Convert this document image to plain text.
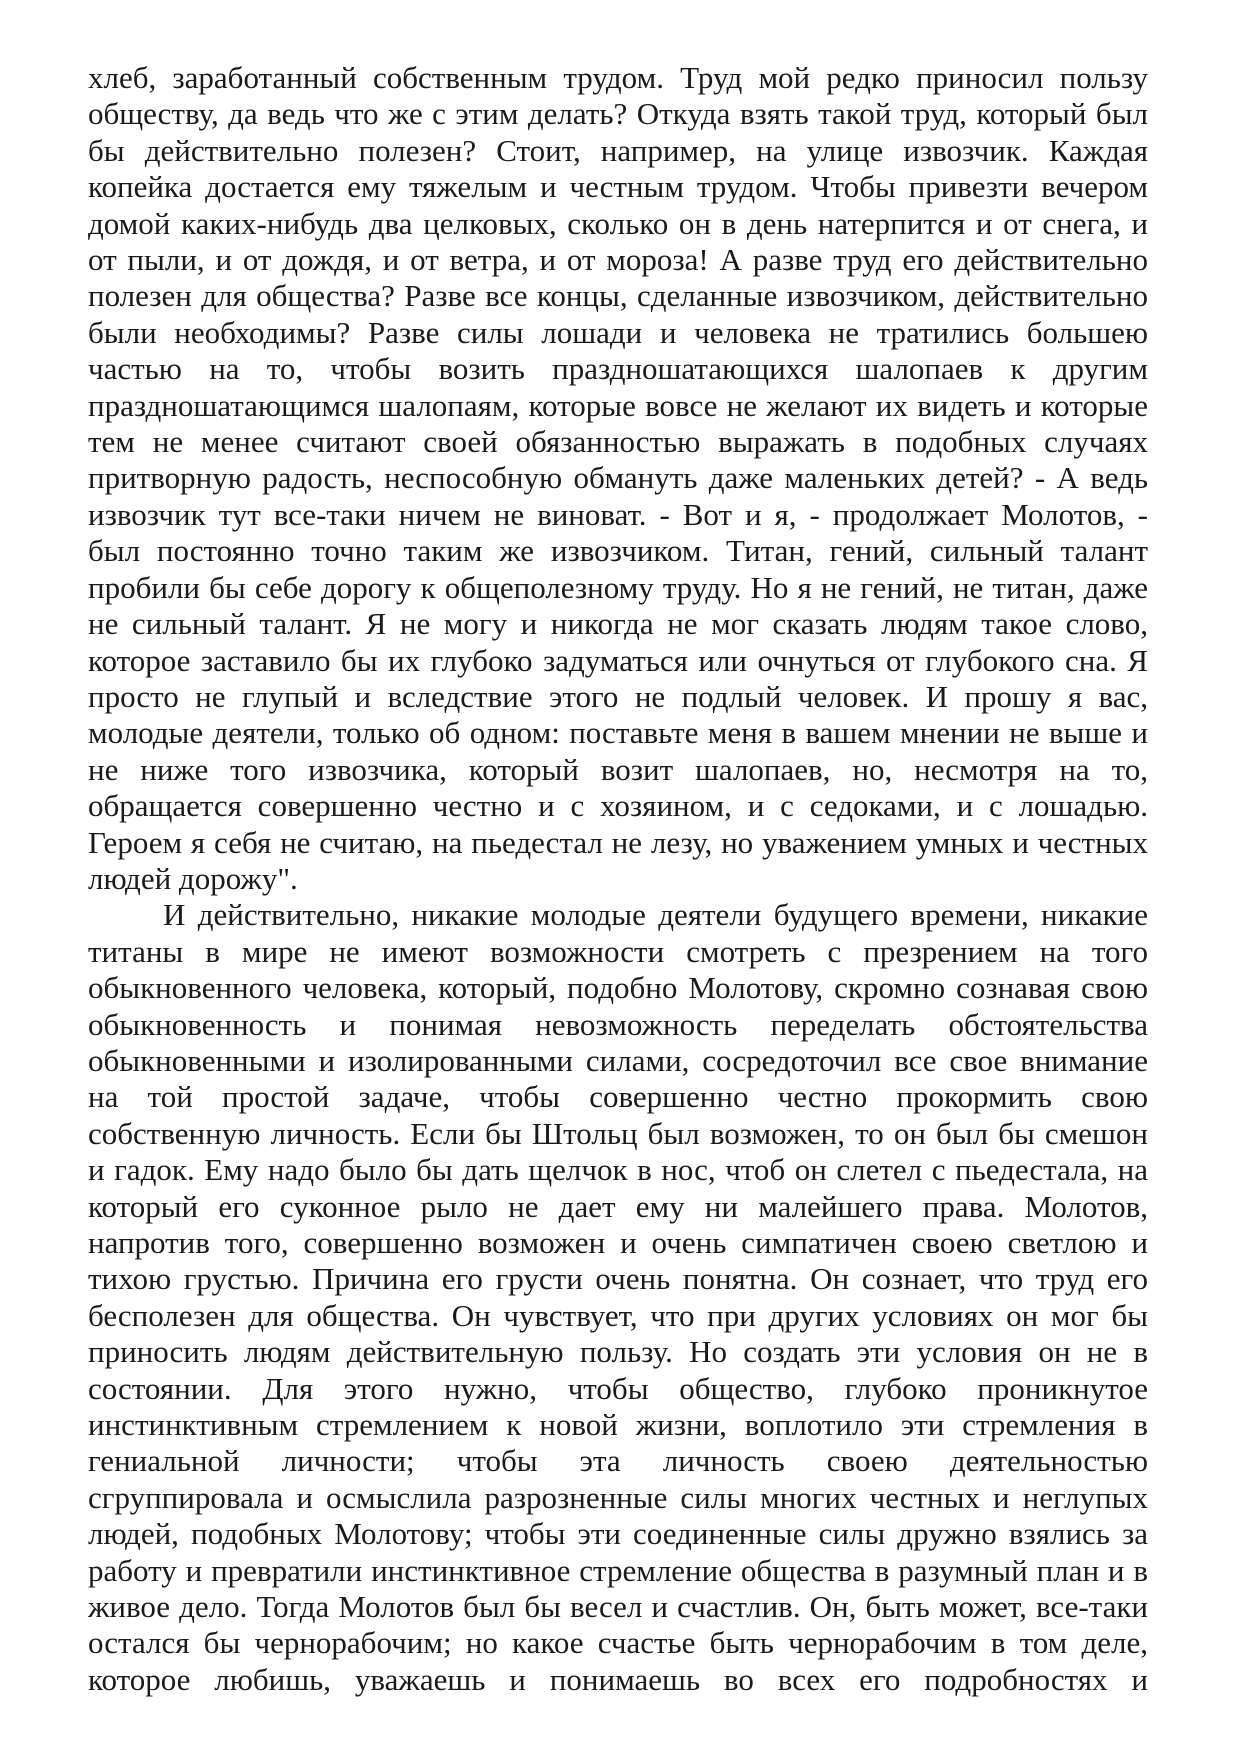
хлеб, заработанный собственным трудом. Труд мой редко приносил пользу
обществу, да ведь что же с этим делать? Откуда взять такой труд, который был
бы действительно полезен? Стоит, например, на улице извозчик. Каждая
копейка достается ему тяжелым и честным трудом. Чтобы привезти вечером
домой каких-нибудь два целковых, сколько он в день натерпится и от снега, и
от пыли, и от дождя, и от ветра, и от мороза! А разве труд его действительно
полезен для общества? Разве все концы, сделанные извозчиком, действительно
были необходимы? Разве силы лошади и человека не тратились большею
частью на то, чтобы возить праздношатающихся шалопаев к другим
праздношатающимся шалопаям, которые вовсе не желают их видеть и которые
тем не менее считают своей обязанностью выражать в подобных случаях
притворную радость, неспособную обмануть даже маленьких детей? - А ведь
извозчик тут все-таки ничем не виноват. - Вот и я, - продолжает Молотов, -
был постоянно точно таким же извозчиком. Титан, гений, сильный талант
пробили бы себе дорогу к общеполезному труду. Но я не гений, не титан, даже
не сильный талант. Я не могу и никогда не мог сказать людям такое слово,
которое заставило бы их глубоко задуматься или очнуться от глубокого сна. Я
просто не глупый и вследствие этого не подлый человек. И прошу я вас,
молодые деятели, только об одном: поставьте меня в вашем мнении не выше и
не ниже того извозчика, который возит шалопаев, но, несмотря на то,
обращается совершенно честно и с хозяином, и с седоками, и с лошадью.
Героем я себя не считаю, на пьедестал не лезу, но уважением умных и честных
людей дорожу".
И действительно, никакие молодые деятели будущего времени, никакие
титаны в мире не имеют возможности смотреть с презрением на того
обыкновенного человека, который, подобно Молотову, скромно сознавая свою
обыкновенность и понимая невозможность переделать обстоятельства
обыкновенными и изолированными силами, сосредоточил все свое внимание
на той простой задаче, чтобы совершенно честно прокормить свою
собственную личность. Если бы Штольц был возможен, то он был бы смешон
и гадок. Ему надо было бы дать щелчок в нос, чтоб он слетел с пьедестала, на
который его суконное рыло не дает ему ни малейшего права. Молотов,
напротив того, совершенно возможен и очень симпатичен своею светлою и
тихою грустью. Причина его грусти очень понятна. Он сознает, что труд его
бесполезен для общества. Он чувствует, что при других условиях он мог бы
приносить людям действительную пользу. Но создать эти условия он не в
состоянии. Для этого нужно, чтобы общество, глубоко проникнутое
инстинктивным стремлением к новой жизни, воплотило эти стремления в
гениальной личности; чтобы эта личность своею деятельностью
сгруппировала и осмыслила разрозненные силы многих честных и неглупых
людей, подобных Молотову; чтобы эти соединенные силы дружно взялись за
работу и превратили инстинктивное стремление общества в разумный план и в
живое дело. Тогда Молотов был бы весел и счастлив. Он, быть может, все-таки
остался бы чернорабочим; но какое счастье быть чернорабочим в том деле,
которое любишь, уважаешь и понимаешь во всех его подробностях и
